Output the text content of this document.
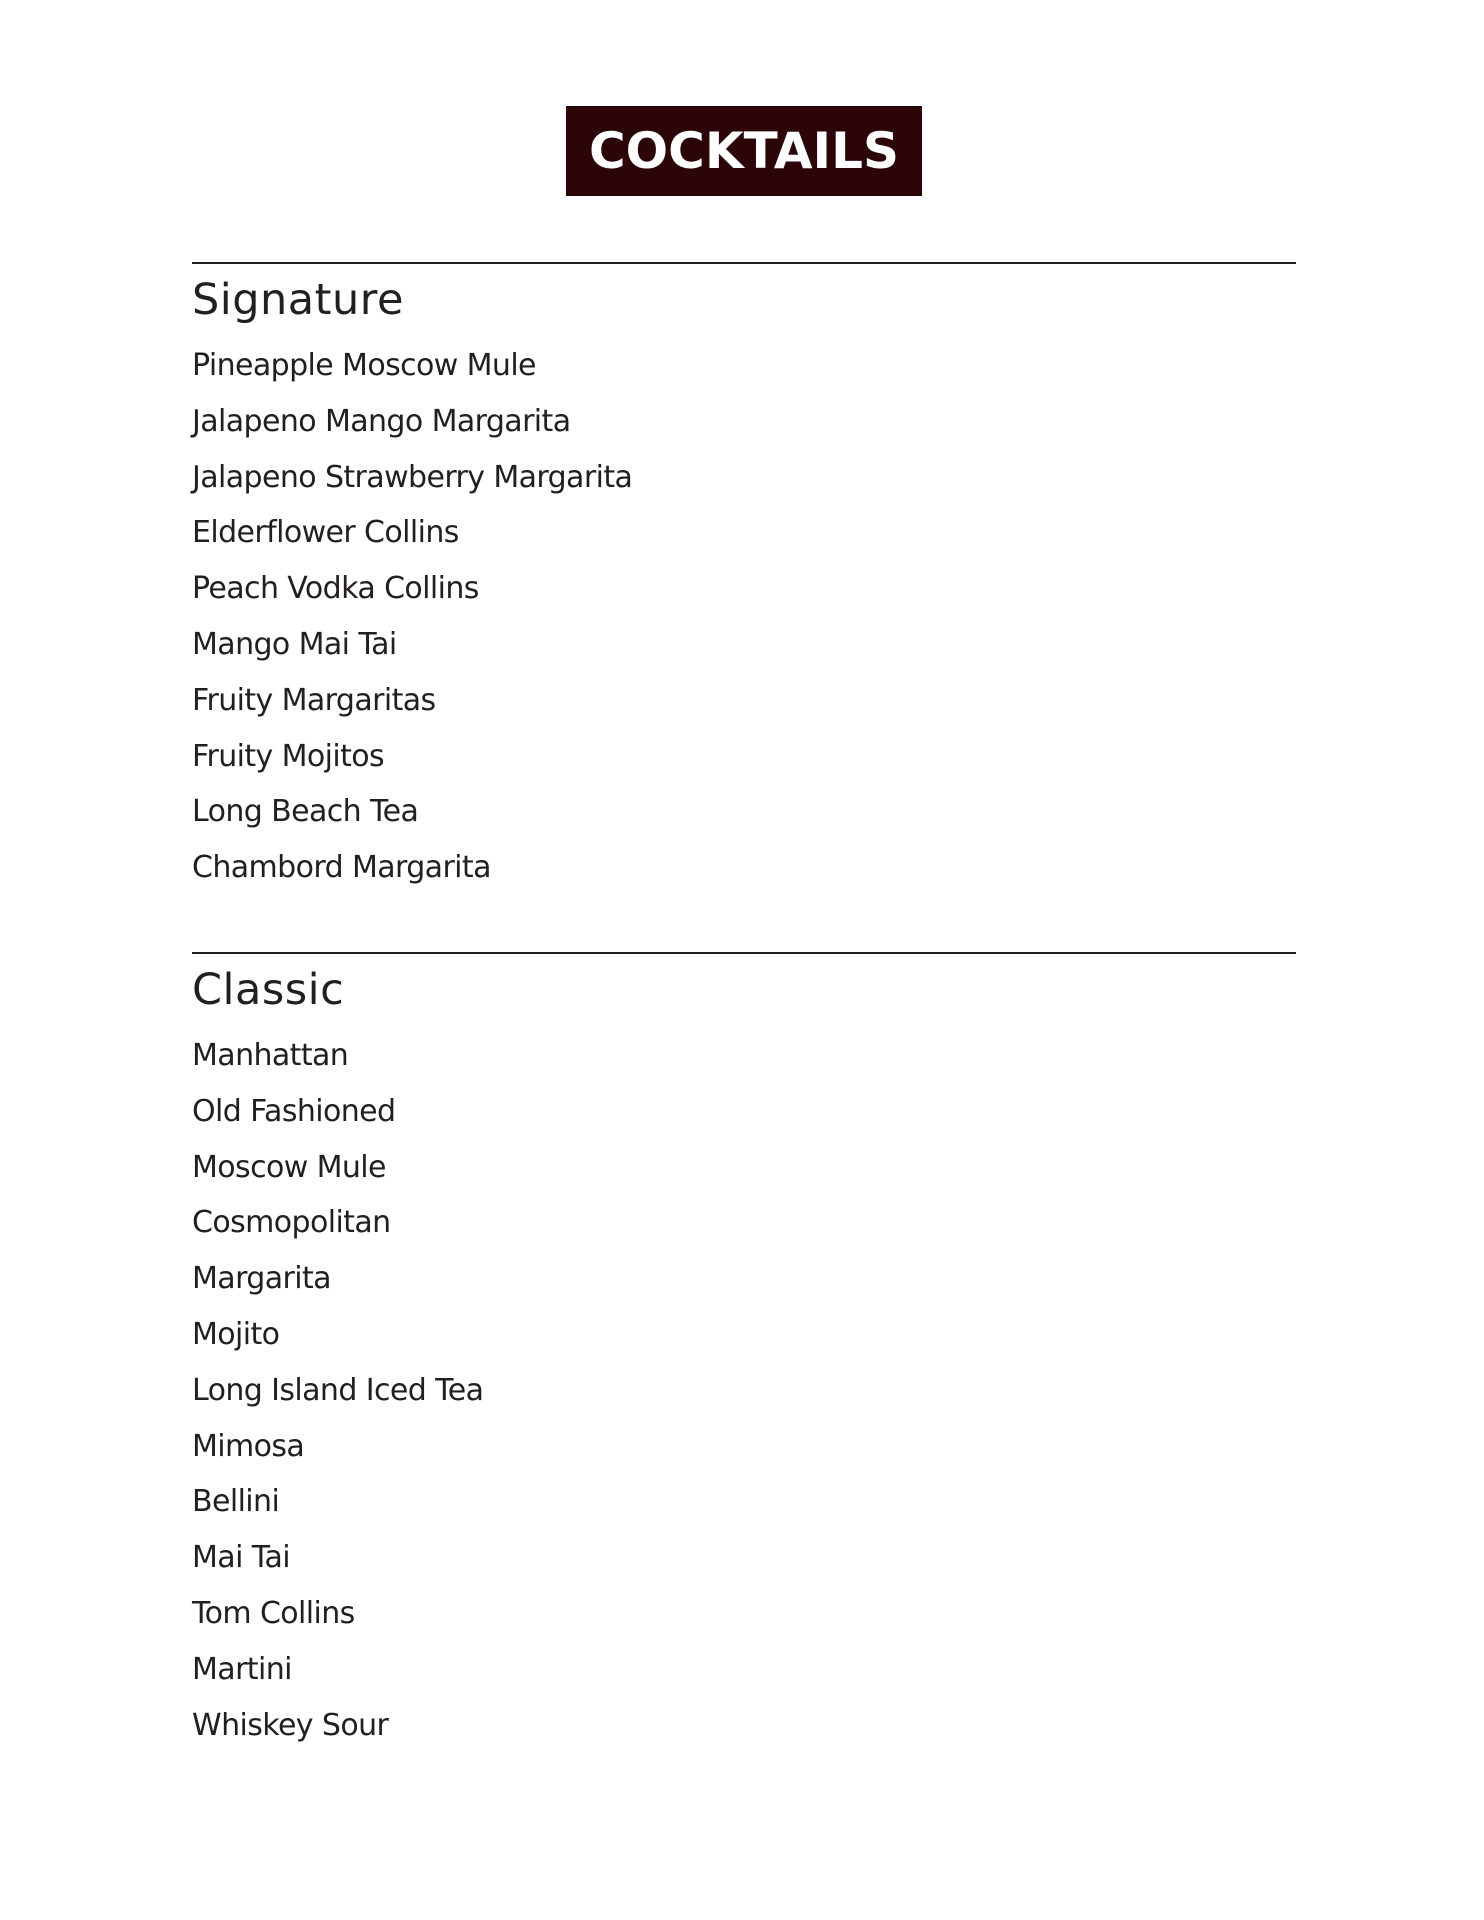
COCKTAILS
Signature
Pineapple Moscow Mule
Jalapeno Mango Margarita
Jalapeno Strawberry Margarita
Elderflower Collins
Peach Vodka Collins
Mango Mai Tai
Fruity Margaritas
Fruity Mojitos
Long Beach Tea
Chambord Margarita
Classic
Manhattan
Old Fashioned
Moscow Mule
Cosmopolitan
Margarita
Mojito
Long Island Iced Tea
Mimosa
Bellini
Mai Tai
Tom Collins
Martini
Whiskey Sour
